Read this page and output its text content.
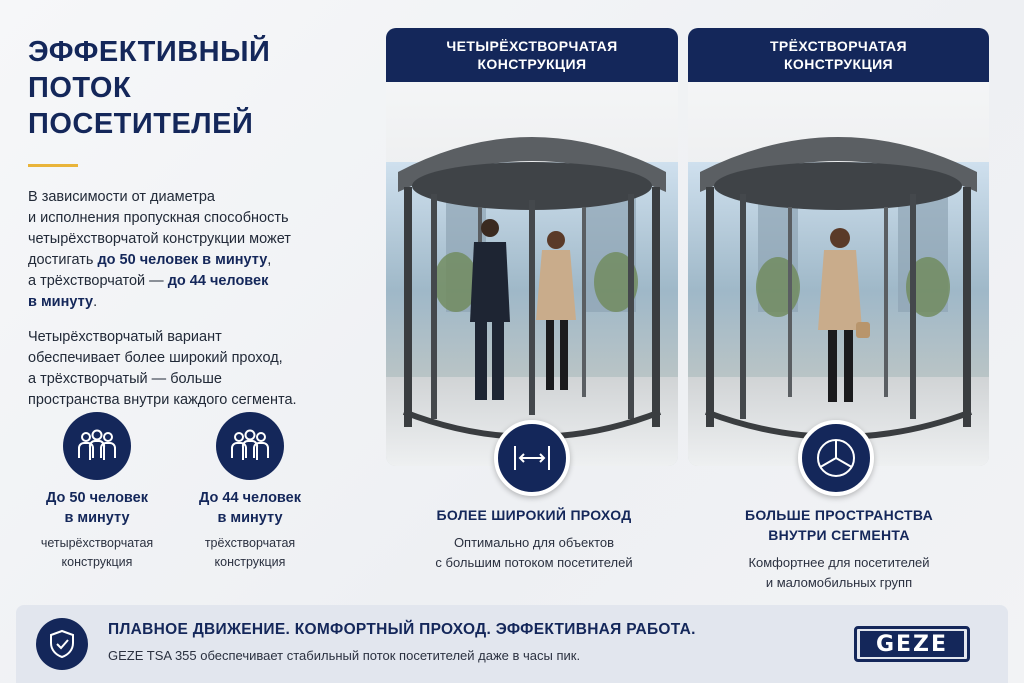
ЭФФЕКТИВНЫЙ ПОТОК
ПОСЕТИТЕЛЕЙ

В зависимости от диаметра
и исполнения пропускная способность
четырёхстворчатой конструкции может
достигать до 50 человек в минуту,
а трёхстворчатой — до 44 человек
в минуту.

Четырёхстворчатый вариант
обеспечивает более широкий проход,
а трёхстворчатый — больше
пространства внутри каждого сегмента.

До 50 человек
в минуту
четырёхстворчатая
конструкция
До 44 человек
в минуту
трёхстворчатая
конструкция
ЧЕТЫРЁХСТВОРЧАТАЯ
КОНСТРУКЦИЯ
ТРЁХСТВОРЧАТАЯ
КОНСТРУКЦИЯ
БОЛЕЕ ШИРОКИЙ ПРОХОД
Оптимально для объектов
с большим потоком посетителей
БОЛЬШЕ ПРОСТРАНСТВА
ВНУТРИ СЕГМЕНТА
Комфортнее для посетителей
и маломобильных групп
ПЛАВНОЕ ДВИЖЕНИЕ. КОМФОРТНЫЙ ПРОХОД. ЭФФЕКТИВНАЯ РАБОТА.
GEZE TSA 355 обеспечивает стабильный поток посетителей даже в часы пик.	GEZE
